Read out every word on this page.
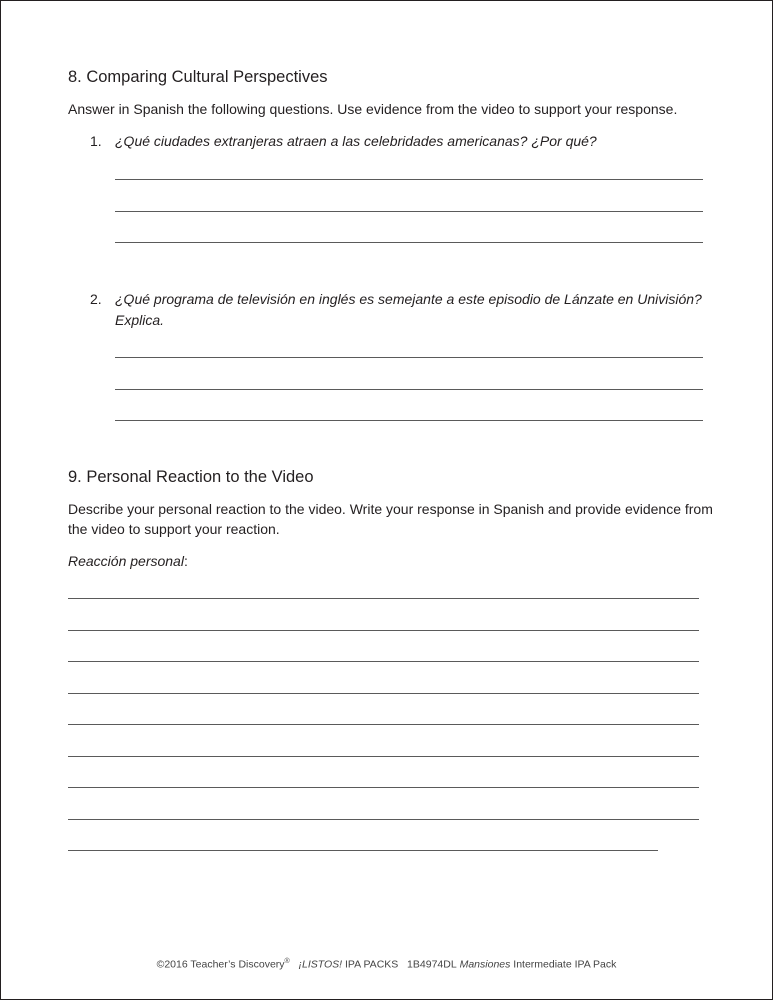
8. Comparing Cultural Perspectives
Answer in Spanish the following questions. Use evidence from the video to support your response.
1. ¿Qué ciudades extranjeras atraen a las celebridades americanas? ¿Por qué?
2. ¿Qué programa de televisión en inglés es semejante a este episodio de Lánzate en Univisión? Explica.
9. Personal Reaction to the Video
Describe your personal reaction to the video. Write your response in Spanish and provide evidence from the video to support your reaction.
Reacción personal:
©2016 Teacher’s Discovery® ¡LISTOS! IPA PACKS 1B4974DL Mansiones Intermediate IPA Pack
